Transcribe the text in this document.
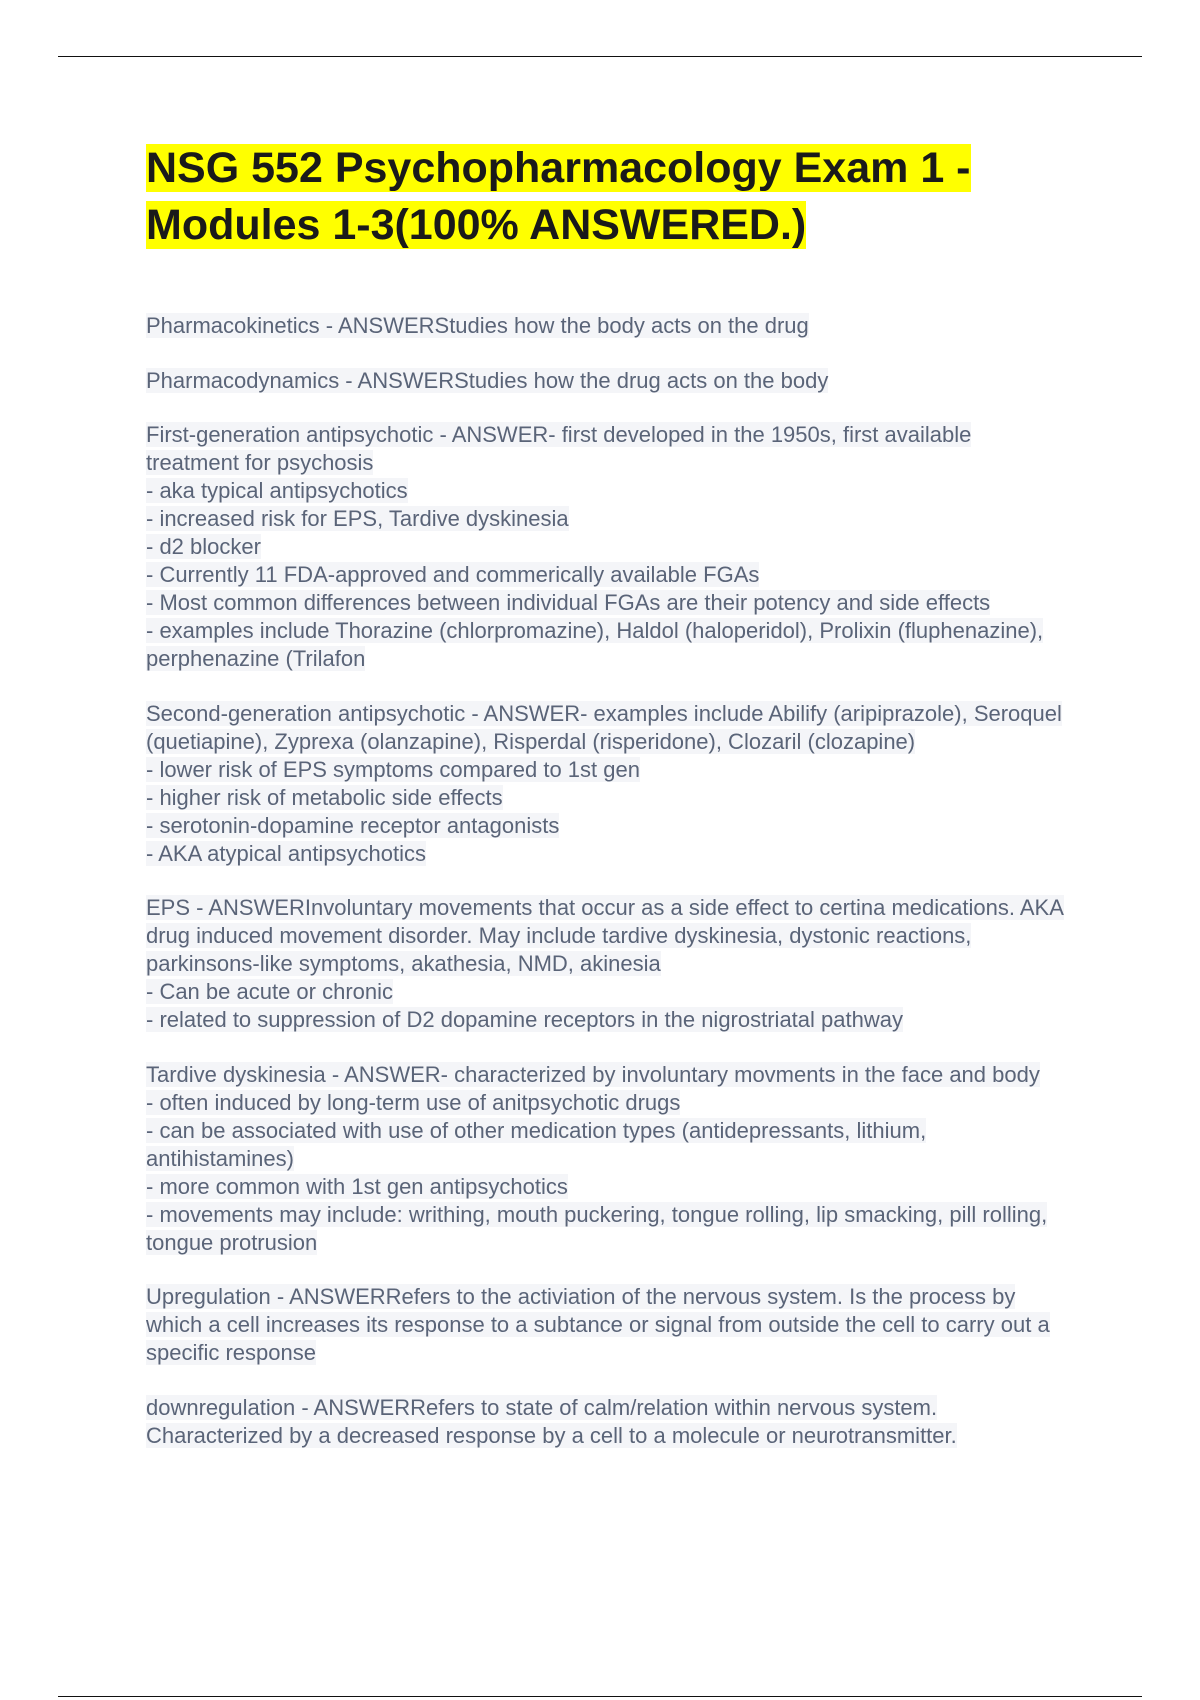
NSG 552 Psychopharmacology Exam 1 - Modules 1-3(100% ANSWERED.)
Pharmacokinetics - ANSWERStudies how the body acts on the drug
Pharmacodynamics - ANSWERStudies how the drug acts on the body
First-generation antipsychotic - ANSWER- first developed in the 1950s, first available treatment for psychosis
- aka typical antipsychotics
- increased risk for EPS, Tardive dyskinesia
- d2 blocker
- Currently 11 FDA-approved and commerically available FGAs
- Most common differences between individual FGAs are their potency and side effects
- examples include Thorazine (chlorpromazine), Haldol (haloperidol), Prolixin (fluphenazine), perphenazine (Trilafon
Second-generation antipsychotic - ANSWER- examples include Abilify (aripiprazole), Seroquel (quetiapine), Zyprexa (olanzapine), Risperdal (risperidone), Clozaril (clozapine)
- lower risk of EPS symptoms compared to 1st gen
- higher risk of metabolic side effects
- serotonin-dopamine receptor antagonists
- AKA atypical antipsychotics
EPS - ANSWERInvoluntary movements that occur as a side effect to certina medications. AKA drug induced movement disorder. May include tardive dyskinesia, dystonic reactions, parkinsons-like symptoms, akathesia, NMD, akinesia
- Can be acute or chronic
- related to suppression of D2 dopamine receptors in the nigrostriatal pathway
Tardive dyskinesia - ANSWER- characterized by involuntary movments in the face and body
- often induced by long-term use of anitpsychotic drugs
- can be associated with use of other medication types (antidepressants, lithium, antihistamines)
- more common with 1st gen antipsychotics
- movements may include: writhing, mouth puckering, tongue rolling, lip smacking, pill rolling, tongue protrusion
Upregulation - ANSWERRefers to the activiation of the nervous system. Is the process by which a cell increases its response to a subtance or signal from outside the cell to carry out a specific response
downregulation - ANSWERRefers to state of calm/relation within nervous system. Characterized by a decreased response by a cell to a molecule or neurotransmitter.
